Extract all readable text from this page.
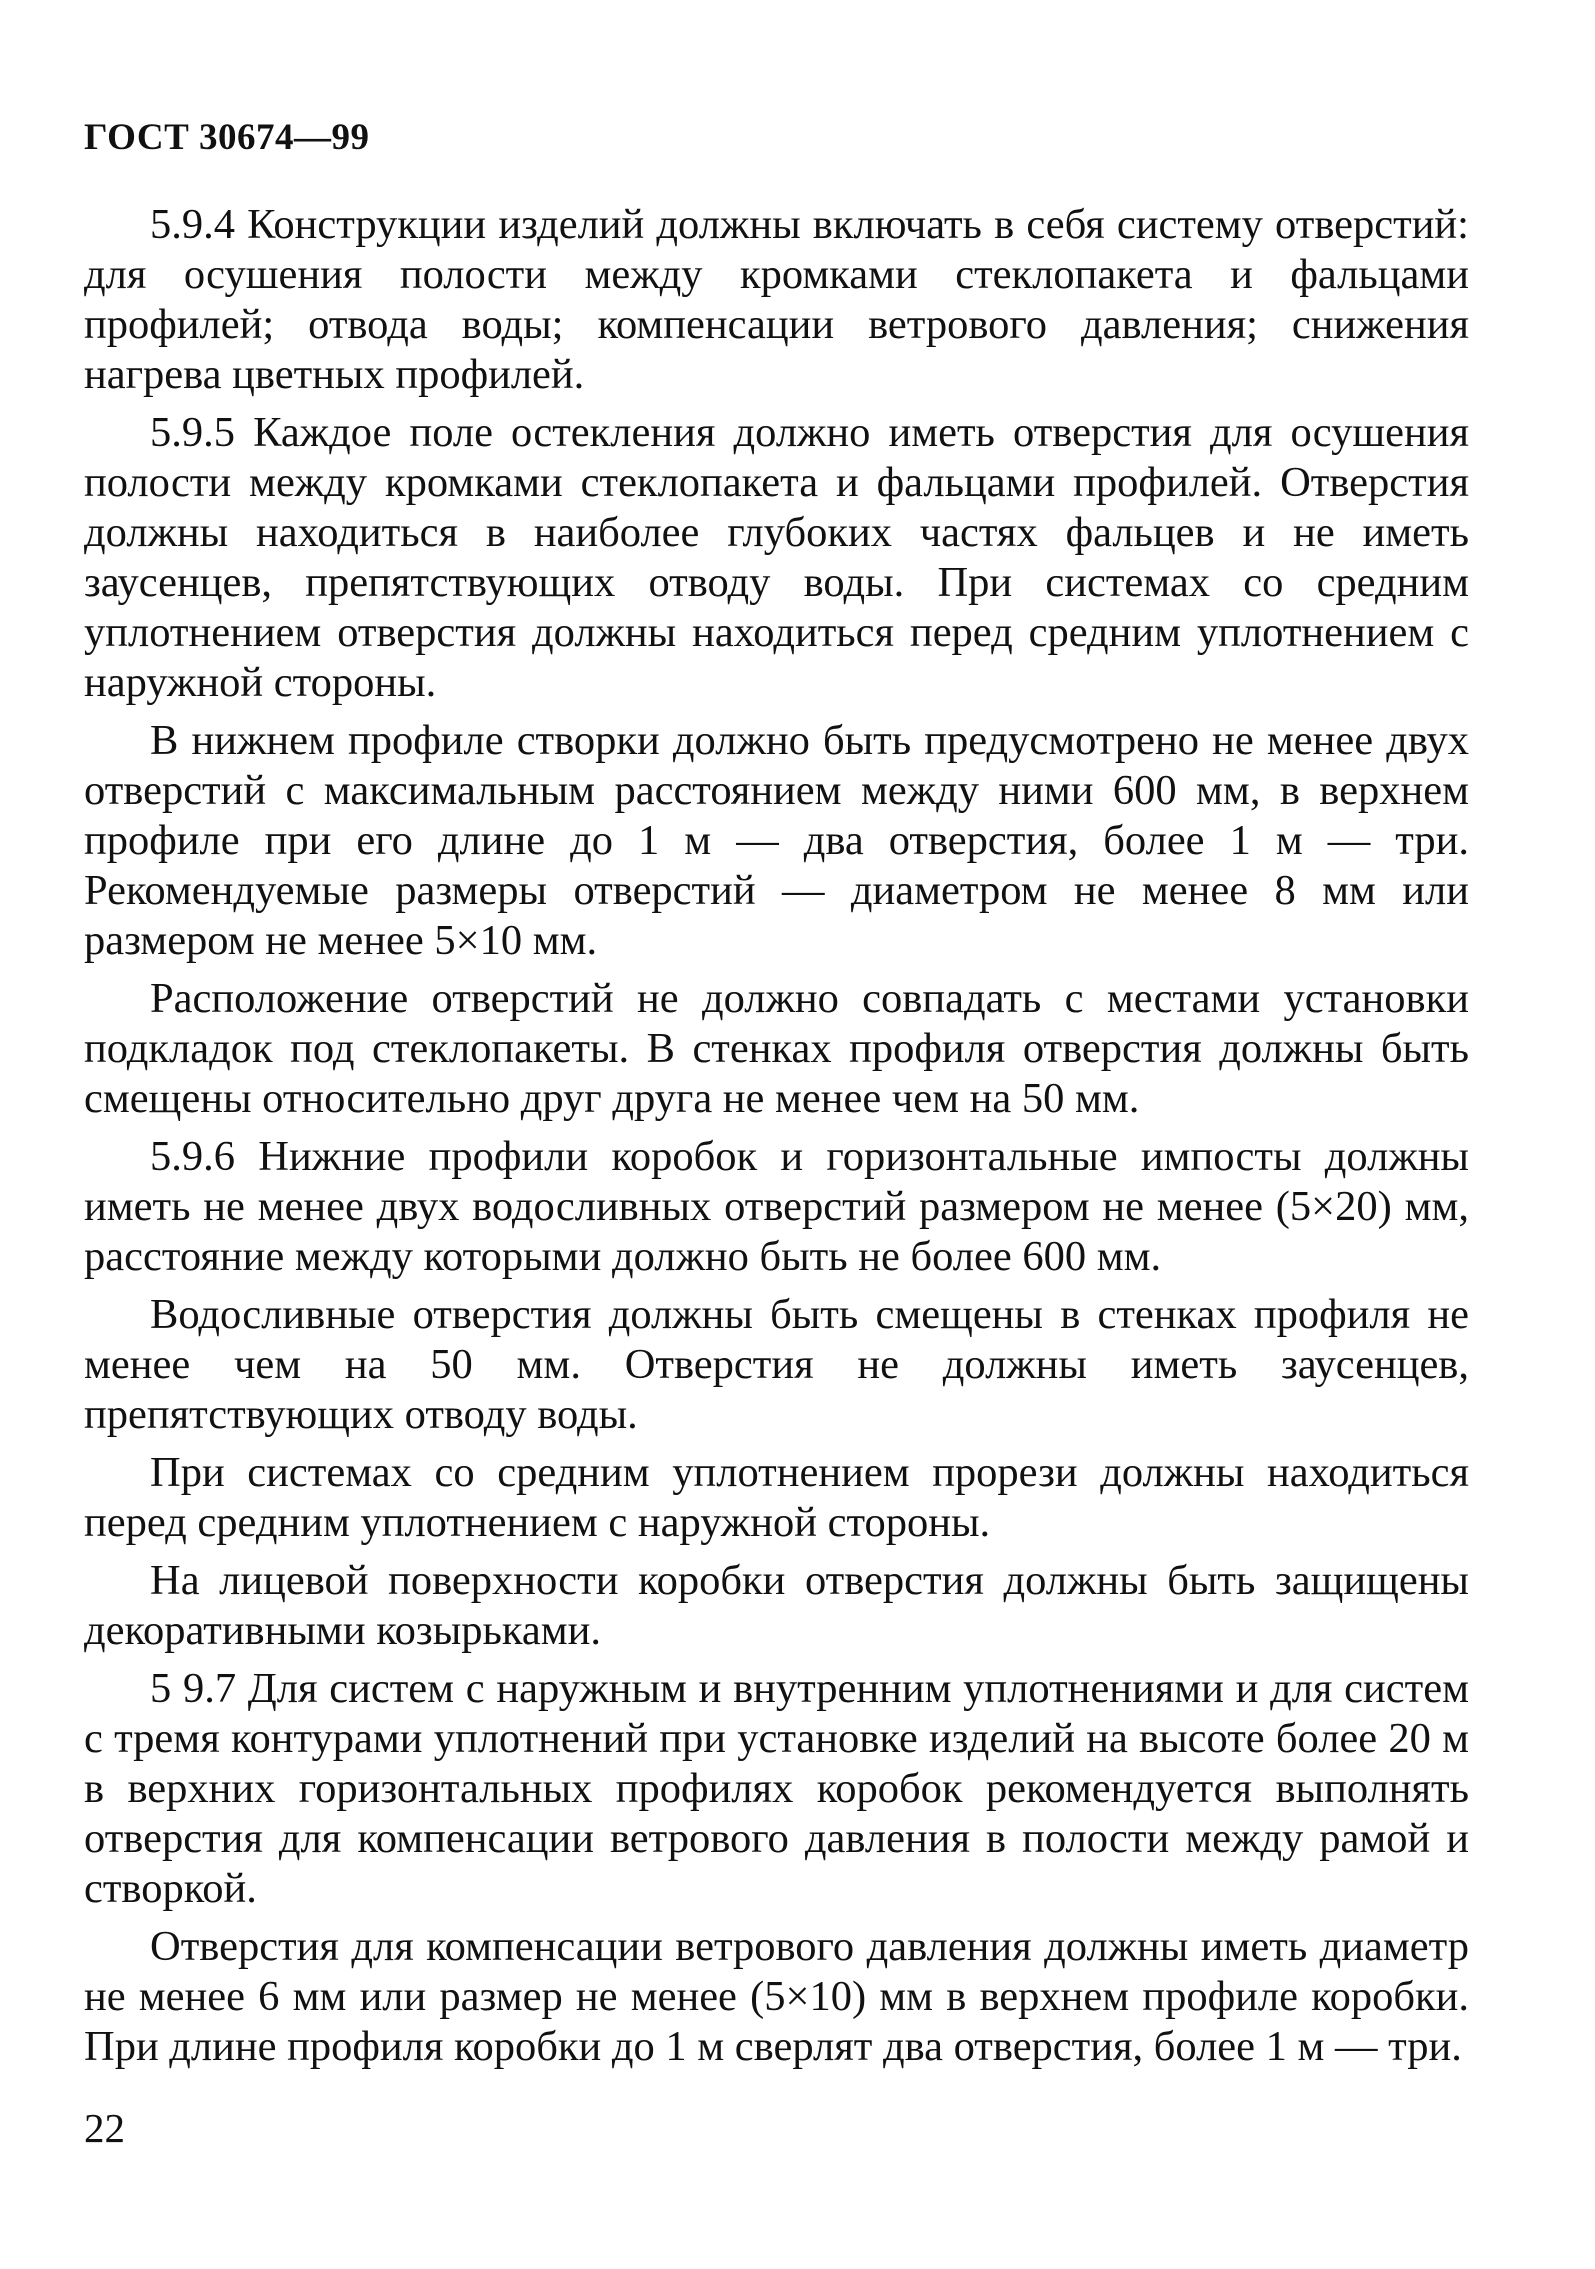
ГОСТ 30674—99

5.9.4 Конструкции изделий должны включать в себя систему отверстий: для осушения полости между кромками стеклопакета и фальцами профилей; отвода воды; компенсации ветрового давления; снижения нагрева цветных профилей.

5.9.5 Каждое поле остекления должно иметь отверстия для осушения полости между кромками стеклопакета и фальцами профилей. Отверстия должны находиться в наиболее глубоких частях фальцев и не иметь заусенцев, препятствующих отводу воды. При системах со средним уплотнением отверстия должны находиться перед средним уплотнением с наружной стороны.

В нижнем профиле створки должно быть предусмотрено не менее двух отверстий с максимальным расстоянием между ними 600 мм, в верхнем профиле при его длине до 1 м — два отверстия, более 1 м — три. Рекомендуемые размеры отверстий — диаметром не менее 8 мм или размером не менее 5×10 мм.

Расположение отверстий не должно совпадать с местами установки подкладок под стеклопакеты. В стенках профиля отверстия должны быть смещены относительно друг друга не менее чем на 50 мм.

5.9.6 Нижние профили коробок и горизонтальные импосты должны иметь не менее двух водосливных отверстий размером не менее (5×20) мм, расстояние между которыми должно быть не более 600 мм.

Водосливные отверстия должны быть смещены в стенках профиля не менее чем на 50 мм. Отверстия не должны иметь заусенцев, препятствующих отводу воды.

При системах со средним уплотнением прорези должны находиться перед средним уплотнением с наружной стороны.

На лицевой поверхности коробки отверстия должны быть защищены декоративными козырьками.

5 9.7 Для систем с наружным и внутренним уплотнениями и для систем с тремя контурами уплотнений при установке изделий на высоте более 20 м в верхних горизонтальных профилях коробок рекомендуется выполнять отверстия для компенсации ветрового давления в полости между рамой и створкой.

Отверстия для компенсации ветрового давления должны иметь диаметр не менее 6 мм или размер не менее (5×10) мм в верхнем профиле коробки. При длине профиля коробки до 1 м сверлят два отверстия, более 1 м — три.

22
